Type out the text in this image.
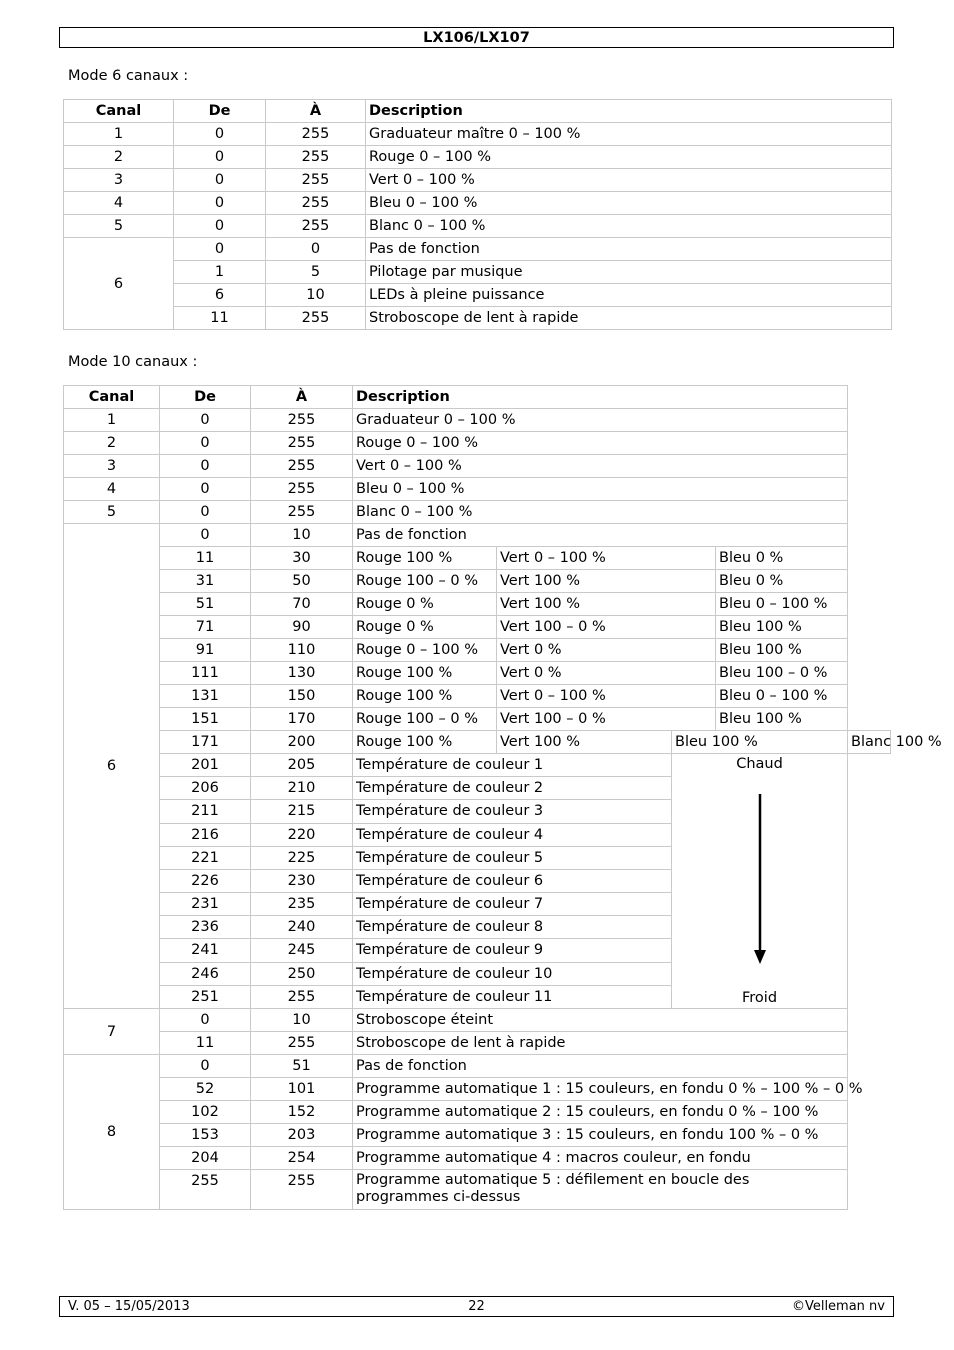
LX106/LX107
Mode 6 canaux :
Canal	De	À	Description
1	0	255	Graduateur maître 0 – 100 %
2	0	255	Rouge 0 – 100 %
3	0	255	Vert 0 – 100 %
4	0	255	Bleu 0 – 100 %
5	0	255	Blanc 0 – 100 %
6	0	0	Pas de fonction
	1	5	Pilotage par musique
	6	10	LEDs à pleine puissance
	11	255	Stroboscope de lent à rapide
Mode 10 canaux :
Canal	De	À	Description				
1	0	255	Graduateur 0 – 100 %				
2	0	255	Rouge 0 – 100 %				
3	0	255	Vert 0 – 100 %				
4	0	255	Bleu 0 – 100 %				
5	0	255	Blanc 0 – 100 %				
6	0	10	Pas de fonction				
	11	30	Rouge 100 %	Vert 0 – 100 %		Bleu 0 %	
	31	50	Rouge 100 – 0 %	Vert 100 %		Bleu 0 %	
	51	70	Rouge 0 %	Vert 100 %		Bleu 0 – 100 %	
	71	90	Rouge 0 %	Vert 100 – 0 %		Bleu 100 %	
	91	110	Rouge 0 – 100 %	Vert 0 %		Bleu 100 %	
	111	130	Rouge 100 %	Vert 0 %		Bleu 100 – 0 %	
	131	150	Rouge 100 %	Vert 0 – 100 %		Bleu 0 – 100 %	
	151	170	Rouge 100 – 0 %	Vert 100 – 0 %		Bleu 100 %	
	171	200	Rouge 100 %	Vert 100 %	Bleu 100 %		Blanc 100 %
	201	205	Température de couleur 1		Chaud
Froid		

	206	210	Température de couleur 2				
	211	215	Température de couleur 3				
	216	220	Température de couleur 4				
	221	225	Température de couleur 5				
	226	230	Température de couleur 6				
	231	235	Température de couleur 7				
	236	240	Température de couleur 8				
	241	245	Température de couleur 9				
	246	250	Température de couleur 10				
	251	255	Température de couleur 11				
7	0	10	Stroboscope éteint				
	11	255	Stroboscope de lent à rapide				
8	0	51	Pas de fonction				
	52	101	Programme automatique 1 : 15 couleurs, en fondu 0 % – 100 % – 0 %				
	102	152	Programme automatique 2 : 15 couleurs, en fondu 0 % – 100 %				
	153	203	Programme automatique 3 : 15 couleurs, en fondu 100 % – 0 %				
	204	254	Programme automatique 4 : macros couleur, en fondu				
	255	255	Programme automatique 5 : défilement en boucle des programmes ci-dessus				
22
V. 05 – 15/05/2013	©Velleman nv
